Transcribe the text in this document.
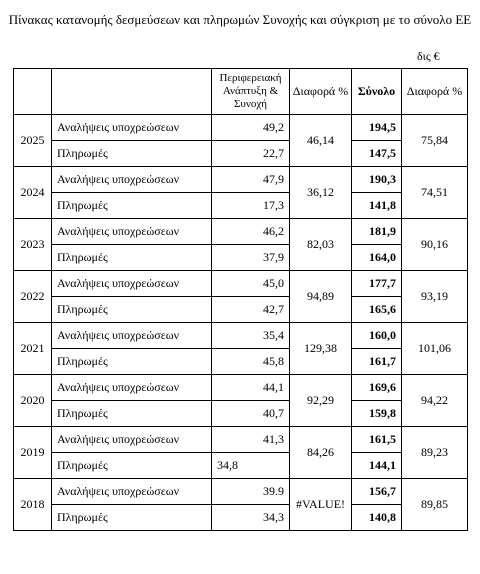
Πίνακας κατανομής δεσμεύσεων και πληρωμών Συνοχής και σύγκριση με το σύνολο ΕΕ
δις €
		Περιφερειακή Ανάπτυξη & Συνοχή	Διαφορά %	Σύνολο	Διαφορά %
2025	Αναλήψεις υποχρεώσεων	49,2	46,14	194,5	75,84
	Πληρωμές	22,7		147,5	
2024	Αναλήψεις υποχρεώσεων	47,9	36,12	190,3	74,51
	Πληρωμές	17,3		141,8	
2023	Αναλήψεις υποχρεώσεων	46,2	82,03	181,9	90,16
	Πληρωμές	37,9		164,0	
2022	Αναλήψεις υποχρεώσεων	45,0	94,89	177,7	93,19
	Πληρωμές	42,7		165,6	
2021	Αναλήψεις υποχρεώσεων	35,4	129,38	160,0	101,06
	Πληρωμές	45,8		161,7	
2020	Αναλήψεις υποχρεώσεων	44,1	92,29	169,6	94,22
	Πληρωμές	40,7		159,8	
2019	Αναλήψεις υποχρεώσεων	41,3	84,26	161,5	89,23
	Πληρωμές	34,8		144,1	
2018	Αναλήψεις υποχρεώσεων	39.9	#VALUE!	156,7	89,85
	Πληρωμές	34,3		140,8	
